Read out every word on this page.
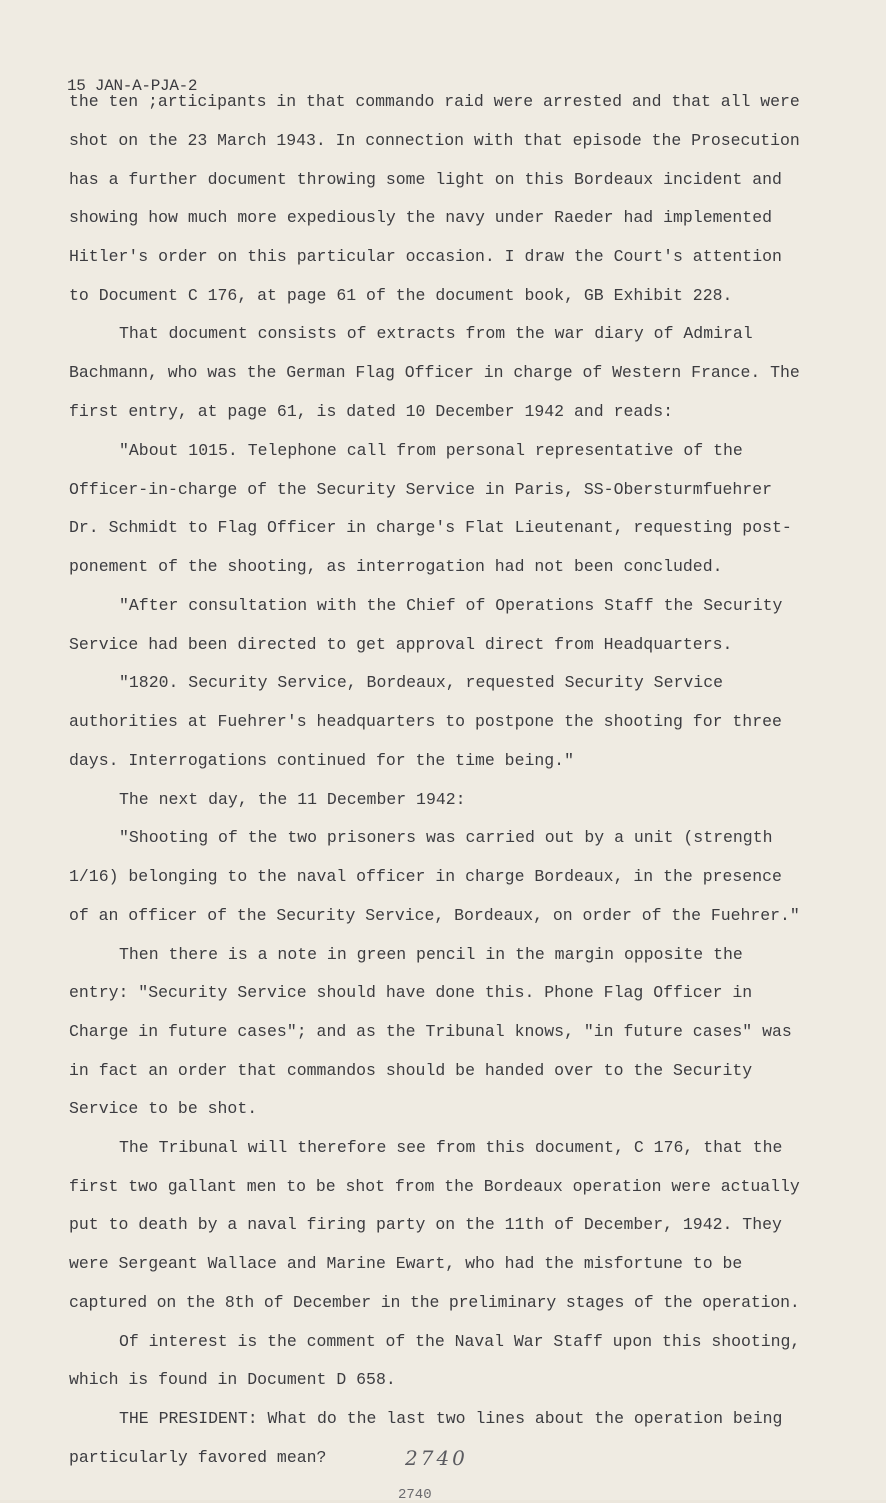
15 JAN-A-PJA-2
the ten ;articipants in that commando raid were arrested and that all were
shot on the 23 March 1943. In connection with that episode the Prosecution
has a further document throwing some light on this Bordeaux incident and
showing how much more expediously the navy under Raeder had implemented
Hitler's order on this particular occasion. I draw the Court's attention
to Document C 176, at page 61 of the document book, GB Exhibit 228.
That document consists of extracts from the war diary of Admiral
Bachmann, who was the German Flag Officer in charge of Western France. The
first entry, at page 61, is dated 10 December 1942 and reads:
"About 1015. Telephone call from personal representative of the
Officer-in-charge of the Security Service in Paris, SS-Obersturmfuehrer
Dr. Schmidt to Flag Officer in charge's Flat Lieutenant, requesting post-
ponement of the shooting, as interrogation had not been concluded.
"After consultation with the Chief of Operations Staff the Security
Service had been directed to get approval direct from Headquarters.
"1820. Security Service, Bordeaux, requested Security Service
authorities at Fuehrer's headquarters to postpone the shooting for three
days. Interrogations continued for the time being."
The next day, the 11 December 1942:
"Shooting of the two prisoners was carried out by a unit (strength
1/16) belonging to the naval officer in charge Bordeaux, in the presence
of an officer of the Security Service, Bordeaux, on order of the Fuehrer."
Then there is a note in green pencil in the margin opposite the
entry: "Security Service should have done this. Phone Flag Officer in
Charge in future cases"; and as the Tribunal knows, "in future cases" was
in fact an order that commandos should be handed over to the Security
Service to be shot.
The Tribunal will therefore see from this document, C 176, that the
first two gallant men to be shot from the Bordeaux operation were actually
put to death by a naval firing party on the 11th of December, 1942. They
were Sergeant Wallace and Marine Ewart, who had the misfortune to be
captured on the 8th of December in the preliminary stages of the operation.
Of interest is the comment of the Naval War Staff upon this shooting,
which is found in Document D 658.
THE PRESIDENT: What do the last two lines about the operation being
particularly favored mean?	2740
2740
